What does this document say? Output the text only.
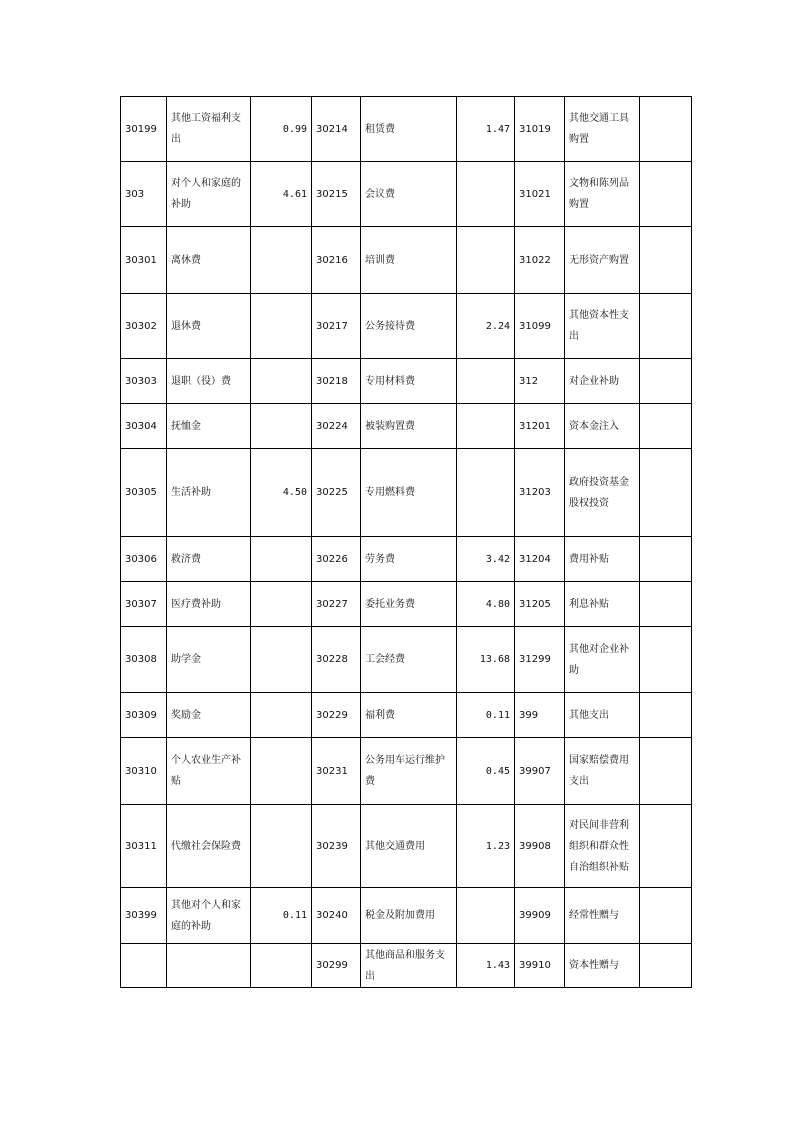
30199	其他工资福利支出	0.99	30214	租赁费	1.47	31019	其他交通工具购置	
303	对个人和家庭的补助	4.61	30215	会议费		31021	文物和陈列品购置	
30301	离休费		30216	培训费		31022	无形资产购置	
30302	退休费		30217	公务接待费	2.24	31099	其他资本性支出	
30303	退职（役）费		30218	专用材料费		312	对企业补助	
30304	抚恤金		30224	被装购置费		31201	资本金注入	
30305	生活补助	4.50	30225	专用燃料费		31203	政府投资基金股权投资	
30306	救济费		30226	劳务费	3.42	31204	费用补贴	
30307	医疗费补助		30227	委托业务费	4.80	31205	利息补贴	
30308	助学金		30228	工会经费	13.68	31299	其他对企业补助	
30309	奖励金		30229	福利费	0.11	399	其他支出	
30310	个人农业生产补贴		30231	公务用车运行维护费	0.45	39907	国家赔偿费用支出	
30311	代缴社会保险费		30239	其他交通费用	1.23	39908	对民间非营利组织和群众性自治组织补贴	
30399	其他对个人和家庭的补助	0.11	30240	税金及附加费用		39909	经常性赠与	
			30299	其他商品和服务支出	1.43	39910	资本性赠与	
